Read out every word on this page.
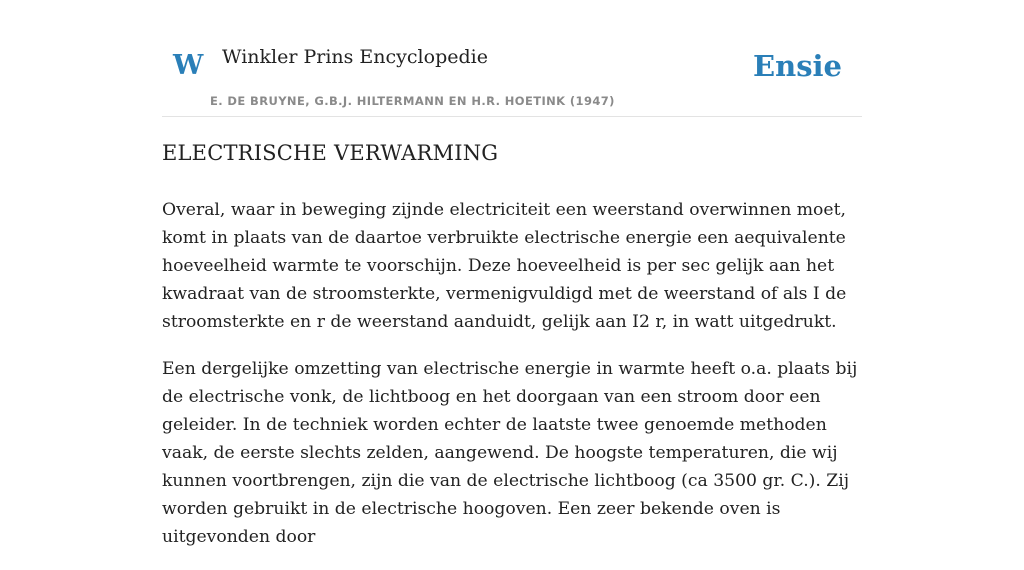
W Winkler Prins Encyclopedie
E. DE BRUYNE, G.B.J. HILTERMANN EN H.R. HOETINK (1947)
Ensie
ELECTRISCHE VERWARMING

Overal, waar in beweging zijnde electriciteit een weerstand overwinnen moet, komt in plaats van de daartoe verbruikte electrische energie een aequivalente hoeveelheid warmte te voorschijn. Deze hoeveelheid is per sec gelijk aan het kwadraat van de stroomsterkte, vermenigvuldigd met de weerstand of als I de stroomsterkte en r de weerstand aanduidt, gelijk aan I2 r, in watt uitgedrukt.

Een dergelijke omzetting van electrische energie in warmte heeft o.a. plaats bij de electrische vonk, de lichtboog en het doorgaan van een stroom door een geleider. In de techniek worden echter de laatste twee genoemde methoden vaak, de eerste slechts zelden, aangewend. De hoogste temperaturen, die wij kunnen voortbrengen, zijn die van de electrische lichtboog (ca 3500 gr. C.). Zij worden gebruikt in de electrische hoogoven. Een zeer bekende oven is uitgevonden door
